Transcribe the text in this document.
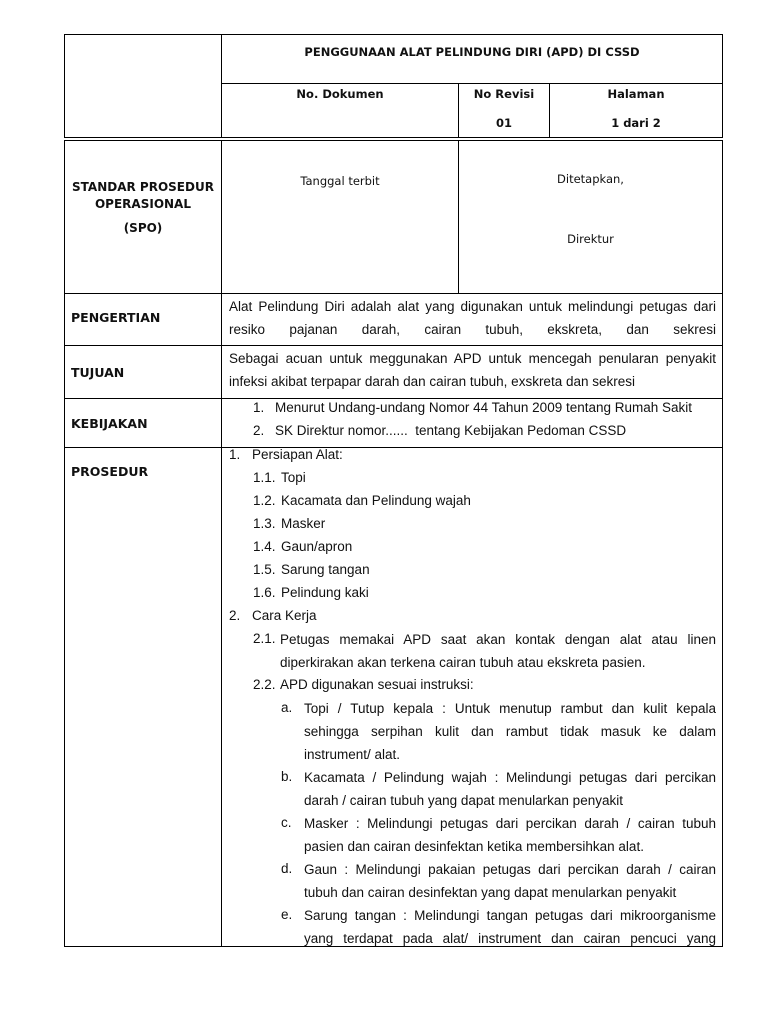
PENGGUNAAN ALAT PELINDUNG DIRI (APD) DI CSSD
No. Dokumen	No Revisi
01
Halaman
1 dari 2
STANDAR PROSEDUR
OPERASIONAL
(SPO)
Tanggal terbit	Ditetapkan,
Direktur
PENGERTIAN
Alat Pelindung Diri adalah alat yang digunakan untuk melindungi petugas dari resiko pajanan darah, cairan tubuh, ekskreta, dan sekresi
TUJUAN
Sebagai acuan untuk meggunakan APD untuk mencegah penularan penyakit infeksi akibat terpapar darah dan cairan tubuh, exskreta dan sekresi
KEBIJAKAN
1. Menurut Undang-undang Nomor 44 Tahun 2009 tentang Rumah Sakit
2. SK Direktur nomor......  tentang Kebijakan Pedoman CSSD
PROSEDUR
1. Persiapan Alat:
1.1. Topi
1.2. Kacamata dan Pelindung wajah
1.3. Masker
1.4. Gaun/apron
1.5. Sarung tangan
1.6. Pelindung kaki
2. Cara Kerja
2.1. Petugas memakai APD saat akan kontak dengan alat atau linen diperkirakan akan terkena cairan tubuh atau ekskreta pasien.
2.2. APD digunakan sesuai instruksi:
a. Topi / Tutup kepala : Untuk menutup rambut dan kulit kepala sehingga serpihan kulit dan rambut tidak masuk ke dalam instrument/ alat.
b. Kacamata / Pelindung wajah : Melindungi petugas dari percikan darah / cairan tubuh yang dapat menularkan penyakit
c. Masker : Melindungi petugas dari percikan darah / cairan tubuh pasien dan cairan desinfektan ketika membersihkan alat.
d. Gaun : Melindungi pakaian petugas dari percikan darah / cairan tubuh dan cairan desinfektan yang dapat menularkan penyakit
e. Sarung tangan : Melindungi tangan petugas dari mikroorganisme yang terdapat pada alat/ instrument dan cairan pencuci yang
